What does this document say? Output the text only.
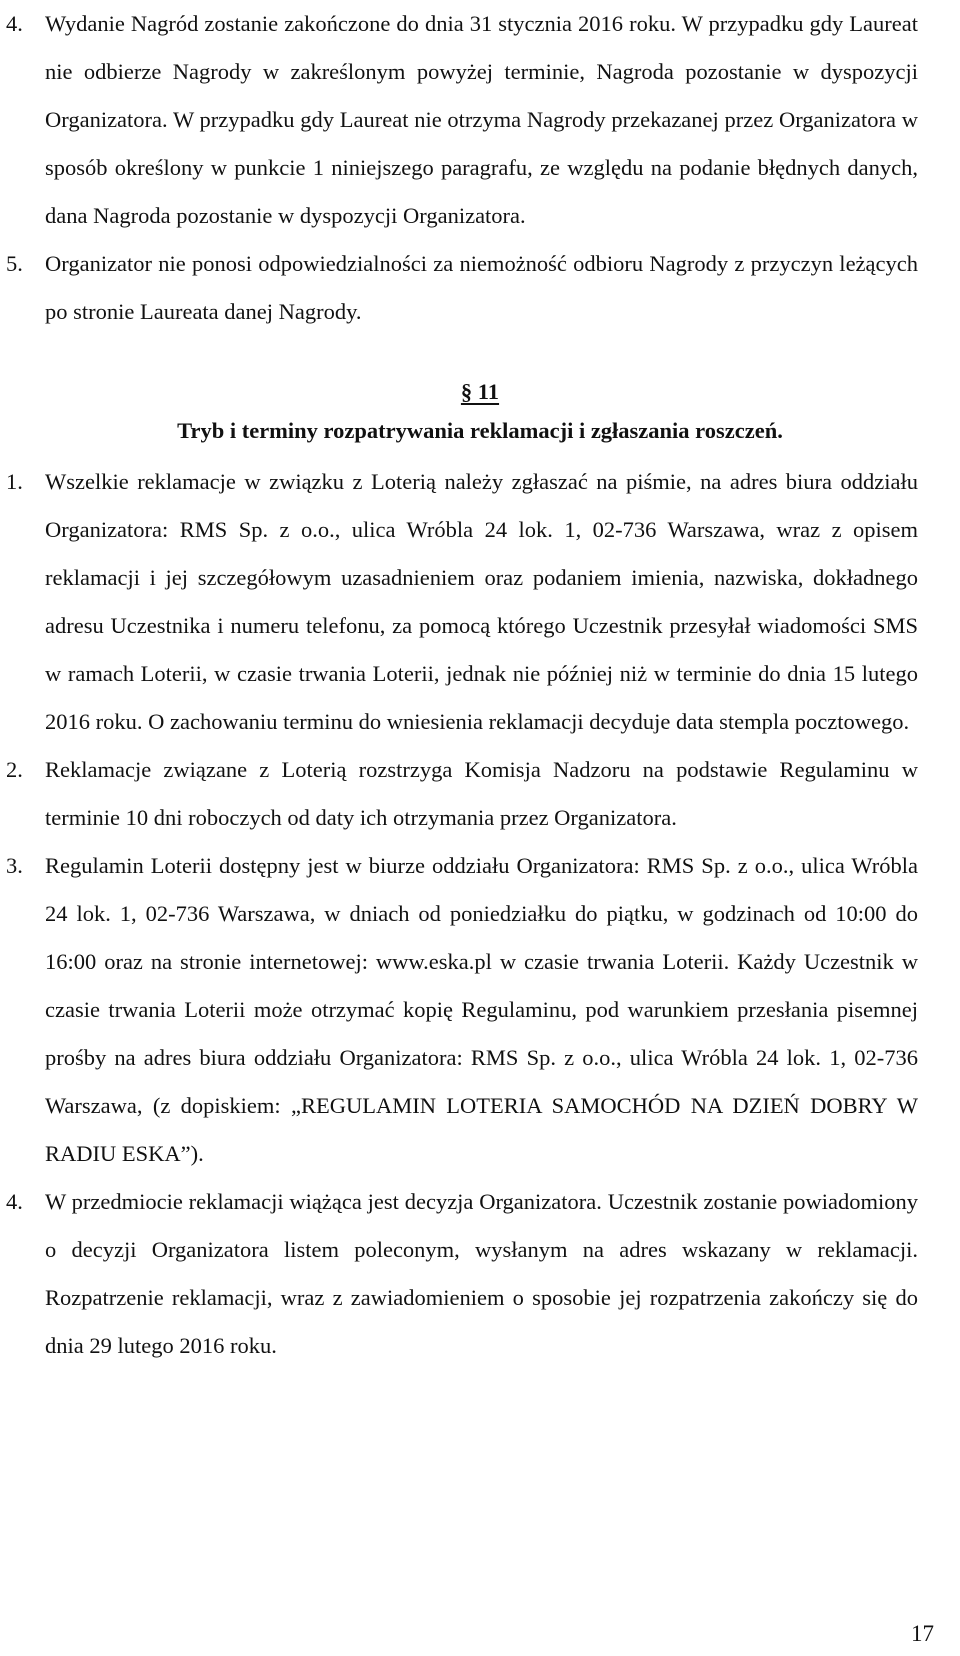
4. Wydanie Nagród zostanie zakończone do dnia 31 stycznia 2016 roku. W przypadku gdy Laureat nie odbierze Nagrody w zakreślonym powyżej terminie, Nagroda pozostanie w dyspozycji Organizatora. W przypadku gdy Laureat nie otrzyma Nagrody przekazanej przez Organizatora w sposób określony w punkcie 1 niniejszego paragrafu, ze względu na podanie błędnych danych, dana Nagroda pozostanie w dyspozycji Organizatora.
5. Organizator nie ponosi odpowiedzialności za niemożność odbioru Nagrody z przyczyn leżących po stronie Laureata danej Nagrody.
§ 11
Tryb i terminy rozpatrywania reklamacji i zgłaszania roszczeń.
1. Wszelkie reklamacje w związku z Loterią należy zgłaszać na piśmie, na adres biura oddziału Organizatora: RMS Sp. z o.o., ulica Wróbla 24 lok. 1, 02-736 Warszawa, wraz z opisem reklamacji i jej szczegółowym uzasadnieniem oraz podaniem imienia, nazwiska, dokładnego adresu Uczestnika i numeru telefonu, za pomocą którego Uczestnik przesyłał wiadomości SMS w ramach Loterii, w czasie trwania Loterii, jednak nie później niż w terminie do dnia 15 lutego 2016 roku. O zachowaniu terminu do wniesienia reklamacji decyduje data stempla pocztowego.
2. Reklamacje związane z Loterią rozstrzyga Komisja Nadzoru na podstawie Regulaminu w terminie 10 dni roboczych od daty ich otrzymania przez Organizatora.
3. Regulamin Loterii dostępny jest w biurze oddziału Organizatora: RMS Sp. z o.o., ulica Wróbla 24 lok. 1, 02-736 Warszawa, w dniach od poniedziałku do piątku, w godzinach od 10:00 do 16:00 oraz na stronie internetowej: www.eska.pl w czasie trwania Loterii. Każdy Uczestnik w czasie trwania Loterii może otrzymać kopię Regulaminu, pod warunkiem przesłania pisemnej prośby na adres biura oddziału Organizatora: RMS Sp. z o.o., ulica Wróbla 24 lok. 1, 02-736 Warszawa, (z dopiskiem: „REGULAMIN LOTERIA SAMOCHÓD NA DZIEŃ DOBRY W RADIU ESKA”).
4. W przedmiocie reklamacji wiążąca jest decyzja Organizatora. Uczestnik zostanie powiadomiony o decyzji Organizatora listem poleconym, wysłanym na adres wskazany w reklamacji. Rozpatrzenie reklamacji, wraz z zawiadomieniem o sposobie jej rozpatrzenia zakończy się do dnia 29 lutego 2016 roku.
17
